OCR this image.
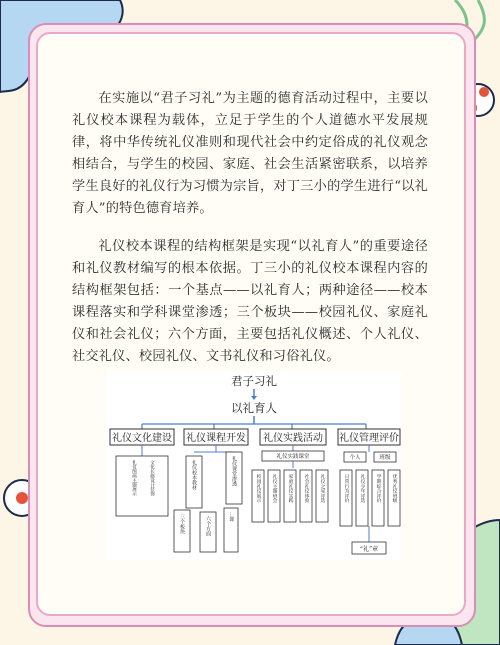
在实施以“君子习礼”为主题的德育活动过程中，主要以礼仪校本课程为载体，立足于学生的个人道德水平发展规律，将中华传统礼仪准则和现代社会中约定俗成的礼仪观念相结合，与学生的校园、家庭、社会生活紧密联系，以培养学生良好的礼仪行为习惯为宗旨，对丁三小的学生进行“以礼育人”的特色德育培养。

礼仪校本课程的结构框架是实现“以礼育人”的重要途径和礼仪教材编写的根本依据。丁三小的礼仪校本课程内容的结构框架包括：一个基点——以礼育人；两种途径——校本课程落实和学科课堂渗透；三个板块——校园礼仪、家庭礼仪和社会礼仪；六个方面，主要包括礼仪概述、个人礼仪、社交礼仪、校园礼仪、文书礼仪和习俗礼仪。

君子习礼
以礼育人
礼仪文化建设
文化长廊设计装饰
礼仪图画主题展示
礼仪课程开发
礼仪校本教材	礼仪课堂渗透
三个板块	六个方面	...课
礼仪实践活动
礼仪实践课堂
校园礼仪展示 礼仪主题班会 家庭礼仪实践 社会礼仪体验 礼仪之星评选
礼仪管理评价
个人	班级
日常行为评价 礼仪少年评选 学期综合评价 优秀礼仪班级
“礼”章
